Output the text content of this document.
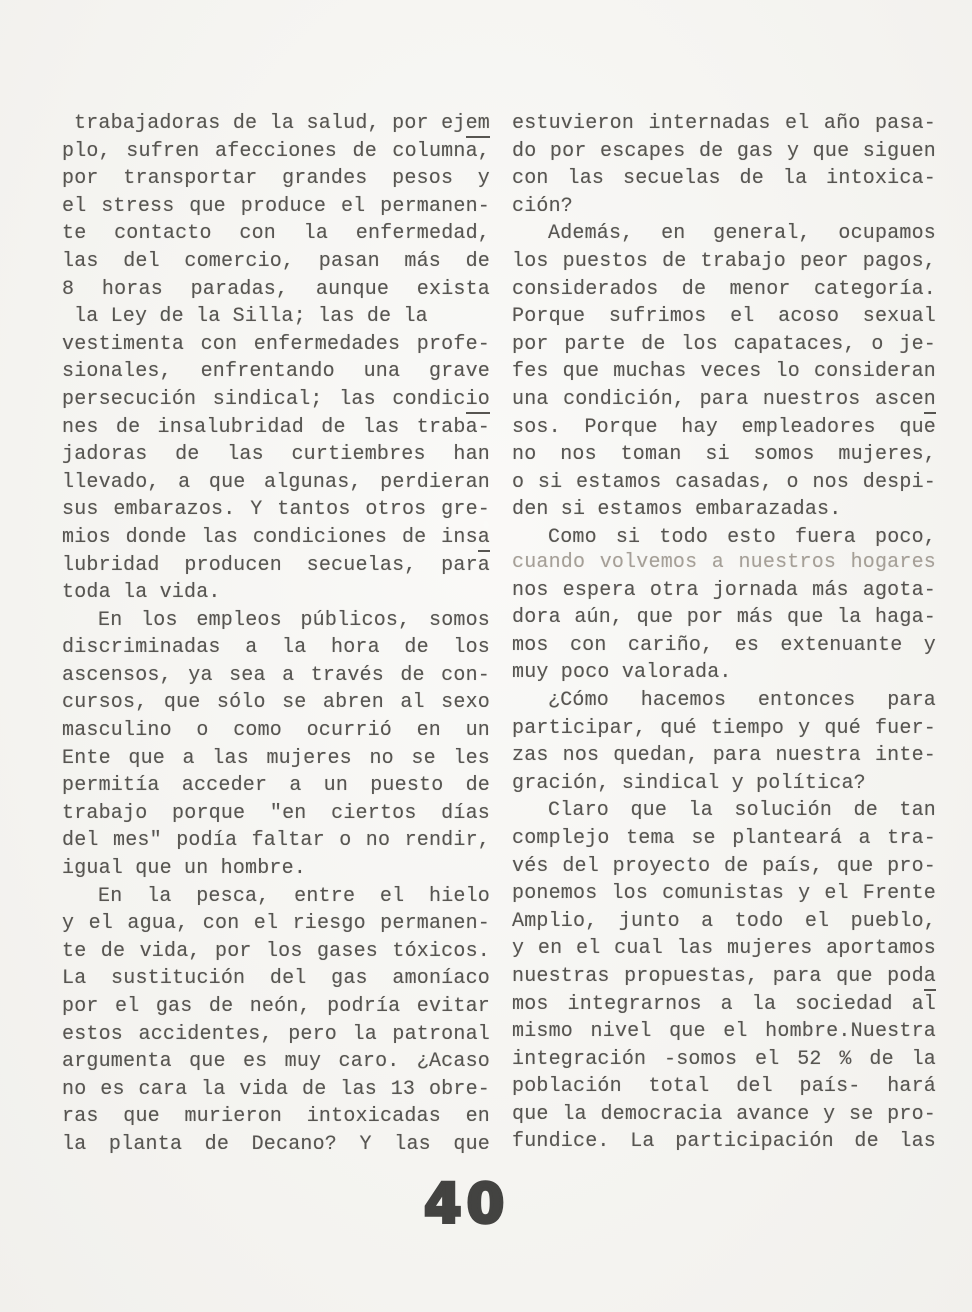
trabajadoras de la salud, por ejem
plo, sufren afecciones de columna,
por transportar grandes pesos y
el stress que produce el permanen-
te contacto con la enfermedad,
las del comercio, pasan más de
8 horas paradas, aunque exista
la Ley de la Silla; las de la
vestimenta con enfermedades profe-
sionales, enfrentando una grave
persecución sindical; las condicio
nes de insalubridad de las traba-
jadoras de las curtiembres han
llevado, a que algunas, perdieran
sus embarazos. Y tantos otros gre-
mios donde las condiciones de insa
lubridad producen secuelas, para
toda la vida.
En los empleos públicos, somos
discriminadas a la hora de los
ascensos, ya sea a través de con-
cursos, que sólo se abren al sexo
masculino o como ocurrió en un
Ente que a las mujeres no se les
permitía acceder a un puesto de
trabajo porque "en ciertos días
del mes" podía faltar o no rendir,
igual que un hombre.
En la pesca, entre el hielo
y el agua, con el riesgo permanen-
te de vida, por los gases tóxicos.
La sustitución del gas amoníaco
por el gas de neón, podría evitar
estos accidentes, pero la patronal
argumenta que es muy caro. ¿Acaso
no es cara la vida de las 13 obre-
ras que murieron intoxicadas en
la planta de Decano? Y las que
estuvieron internadas el año pasa-
do por escapes de gas y que siguen
con las secuelas de la intoxica-
ción?
Además, en general, ocupamos
los puestos de trabajo peor pagos,
considerados de menor categoría.
Porque sufrimos el acoso sexual
por parte de los capataces, o je-
fes que muchas veces lo consideran
una condición, para nuestros ascen
sos. Porque hay empleadores que
no nos toman si somos mujeres,
o si estamos casadas, o nos despi-
den si estamos embarazadas.
Como si todo esto fuera poco,
cuando volvemos a nuestros hogares
nos espera otra jornada más agota-
dora aún, que por más que la haga-
mos con cariño, es extenuante y
muy poco valorada.
¿Cómo hacemos entonces para
participar, qué tiempo y qué fuer-
zas nos quedan, para nuestra inte-
gración, sindical y política?
Claro que la solución de tan
complejo tema se planteará a tra-
vés del proyecto de país, que pro-
ponemos los comunistas y el Frente
Amplio, junto a todo el pueblo,
y en el cual las mujeres aportamos
nuestras propuestas, para que poda
mos integrarnos a la sociedad al
mismo nivel que el hombre.Nuestra
integración -somos el 52 % de la
población total del país- hará
que la democracia avance y se pro-
fundice. La participación de las
40
